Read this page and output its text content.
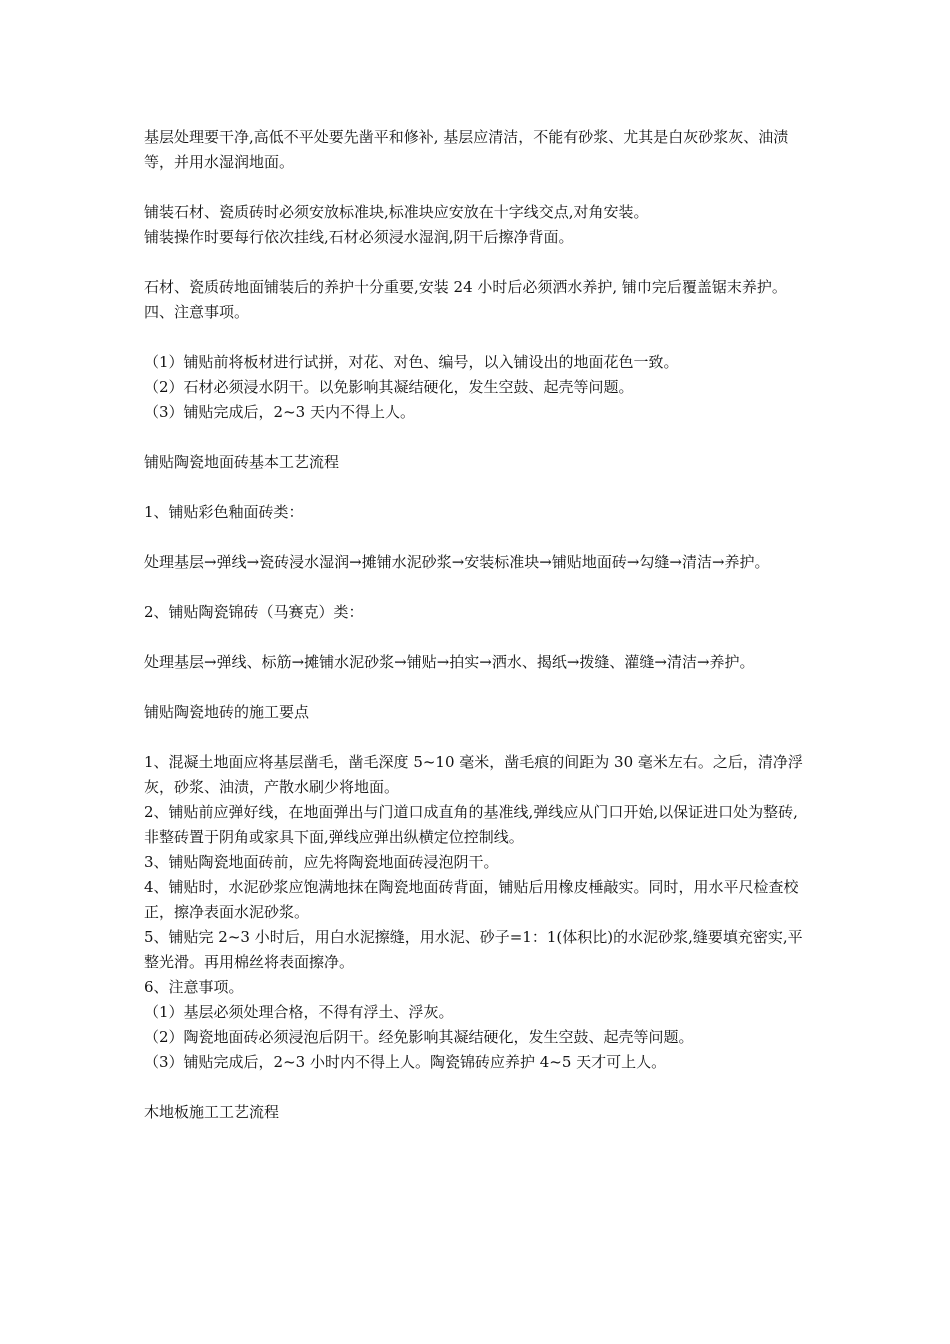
基层处理要干净,高低不平处要先凿平和修补, 基层应清洁，不能有砂浆、尤其是白灰砂浆灰、油渍等，并用水湿润地面。

铺装石材、瓷质砖时必须安放标准块,标准块应安放在十字线交点,对角安装。

铺装操作时要每行依次挂线,石材必须浸水湿润,阴干后擦净背面。

石材、瓷质砖地面铺装后的养护十分重要,安装 24 小时后必须洒水养护, 铺巾完后覆盖锯末养护。

四、注意事项。

（1）铺贴前将板材进行试拼，对花、对色、编号，以入铺设出的地面花色一致。

（2）石材必须浸水阴干。以免影响其凝结硬化，发生空鼓、起壳等问题。

（3）铺贴完成后，2~3 天内不得上人。

铺贴陶瓷地面砖基本工艺流程

1、铺贴彩色釉面砖类：

处理基层→弹线→瓷砖浸水湿润→摊铺水泥砂浆→安装标准块→铺贴地面砖→勾缝→清洁→养护。

2、铺贴陶瓷锦砖（马赛克）类：

处理基层→弹线、标筋→摊铺水泥砂浆→铺贴→拍实→洒水、揭纸→拨缝、灌缝→清洁→养护。

铺贴陶瓷地砖的施工要点

1、混凝土地面应将基层凿毛，凿毛深度 5~10 毫米，凿毛痕的间距为 30 毫米左右。之后，清净浮灰，砂浆、油渍，产散水刷少将地面。

2、铺贴前应弹好线，在地面弹出与门道口成直角的基准线,弹线应从门口开始,以保证进口处为整砖,非整砖置于阴角或家具下面,弹线应弹出纵横定位控制线。

3、铺贴陶瓷地面砖前，应先将陶瓷地面砖浸泡阴干。

4、铺贴时，水泥砂浆应饱满地抹在陶瓷地面砖背面，铺贴后用橡皮棰敲实。同时，用水平尺检查校正，擦净表面水泥砂浆。

5、铺贴完 2~3 小时后，用白水泥擦缝，用水泥、砂子=1：1(体积比)的水泥砂浆,缝要填充密实,平整光滑。再用棉丝将表面擦净。

6、注意事项。

（1）基层必须处理合格，不得有浮土、浮灰。

（2）陶瓷地面砖必须浸泡后阴干。经免影响其凝结硬化，发生空鼓、起壳等问题。

（3）铺贴完成后，2~3 小时内不得上人。陶瓷锦砖应养护 4~5 天才可上人。

木地板施工工艺流程
